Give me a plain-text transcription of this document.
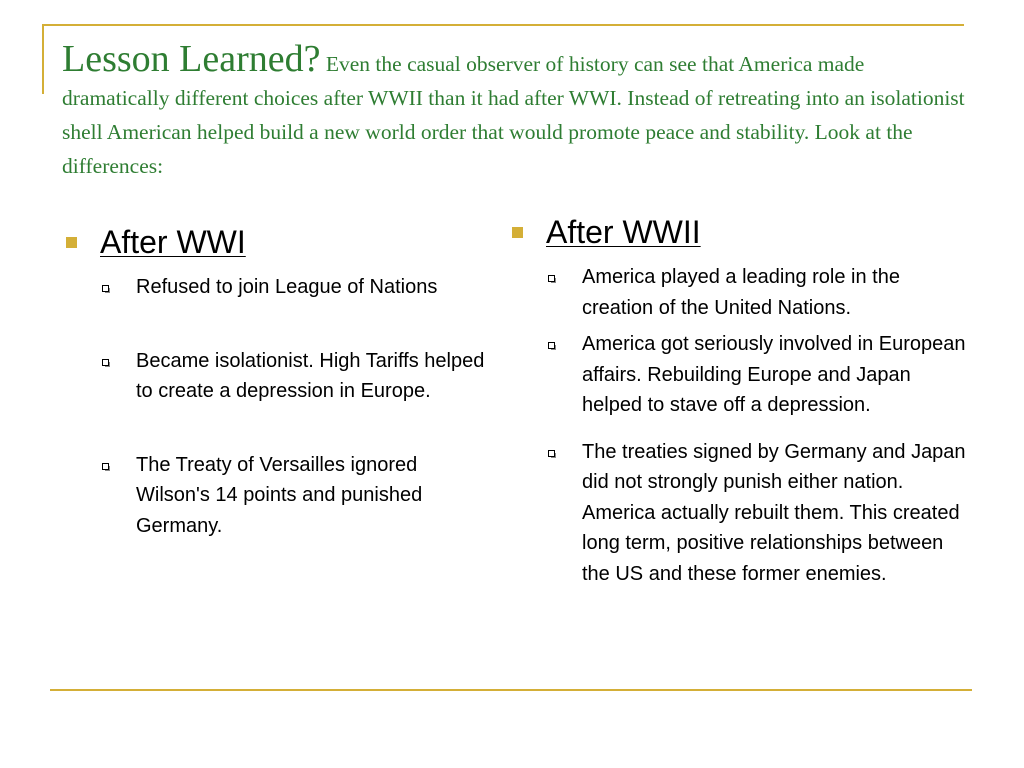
Lesson Learned? Even the casual observer of history can see that America made dramatically different choices after WWII than it had after WWI. Instead of retreating into an isolationist shell American helped build a new world order that would promote peace and stability. Look at the differences:
After WWI
Refused to join League of Nations
Became isolationist. High Tariffs helped to create a depression in Europe.
The Treaty of Versailles ignored Wilson's 14 points and punished Germany.
After WWII
America played a leading role in the creation of the United Nations.
America got seriously involved in European affairs. Rebuilding Europe and Japan helped to stave off a depression.
The treaties signed by Germany and Japan did not strongly punish either nation. America actually rebuilt them. This created long term, positive relationships between the US and these former enemies.
